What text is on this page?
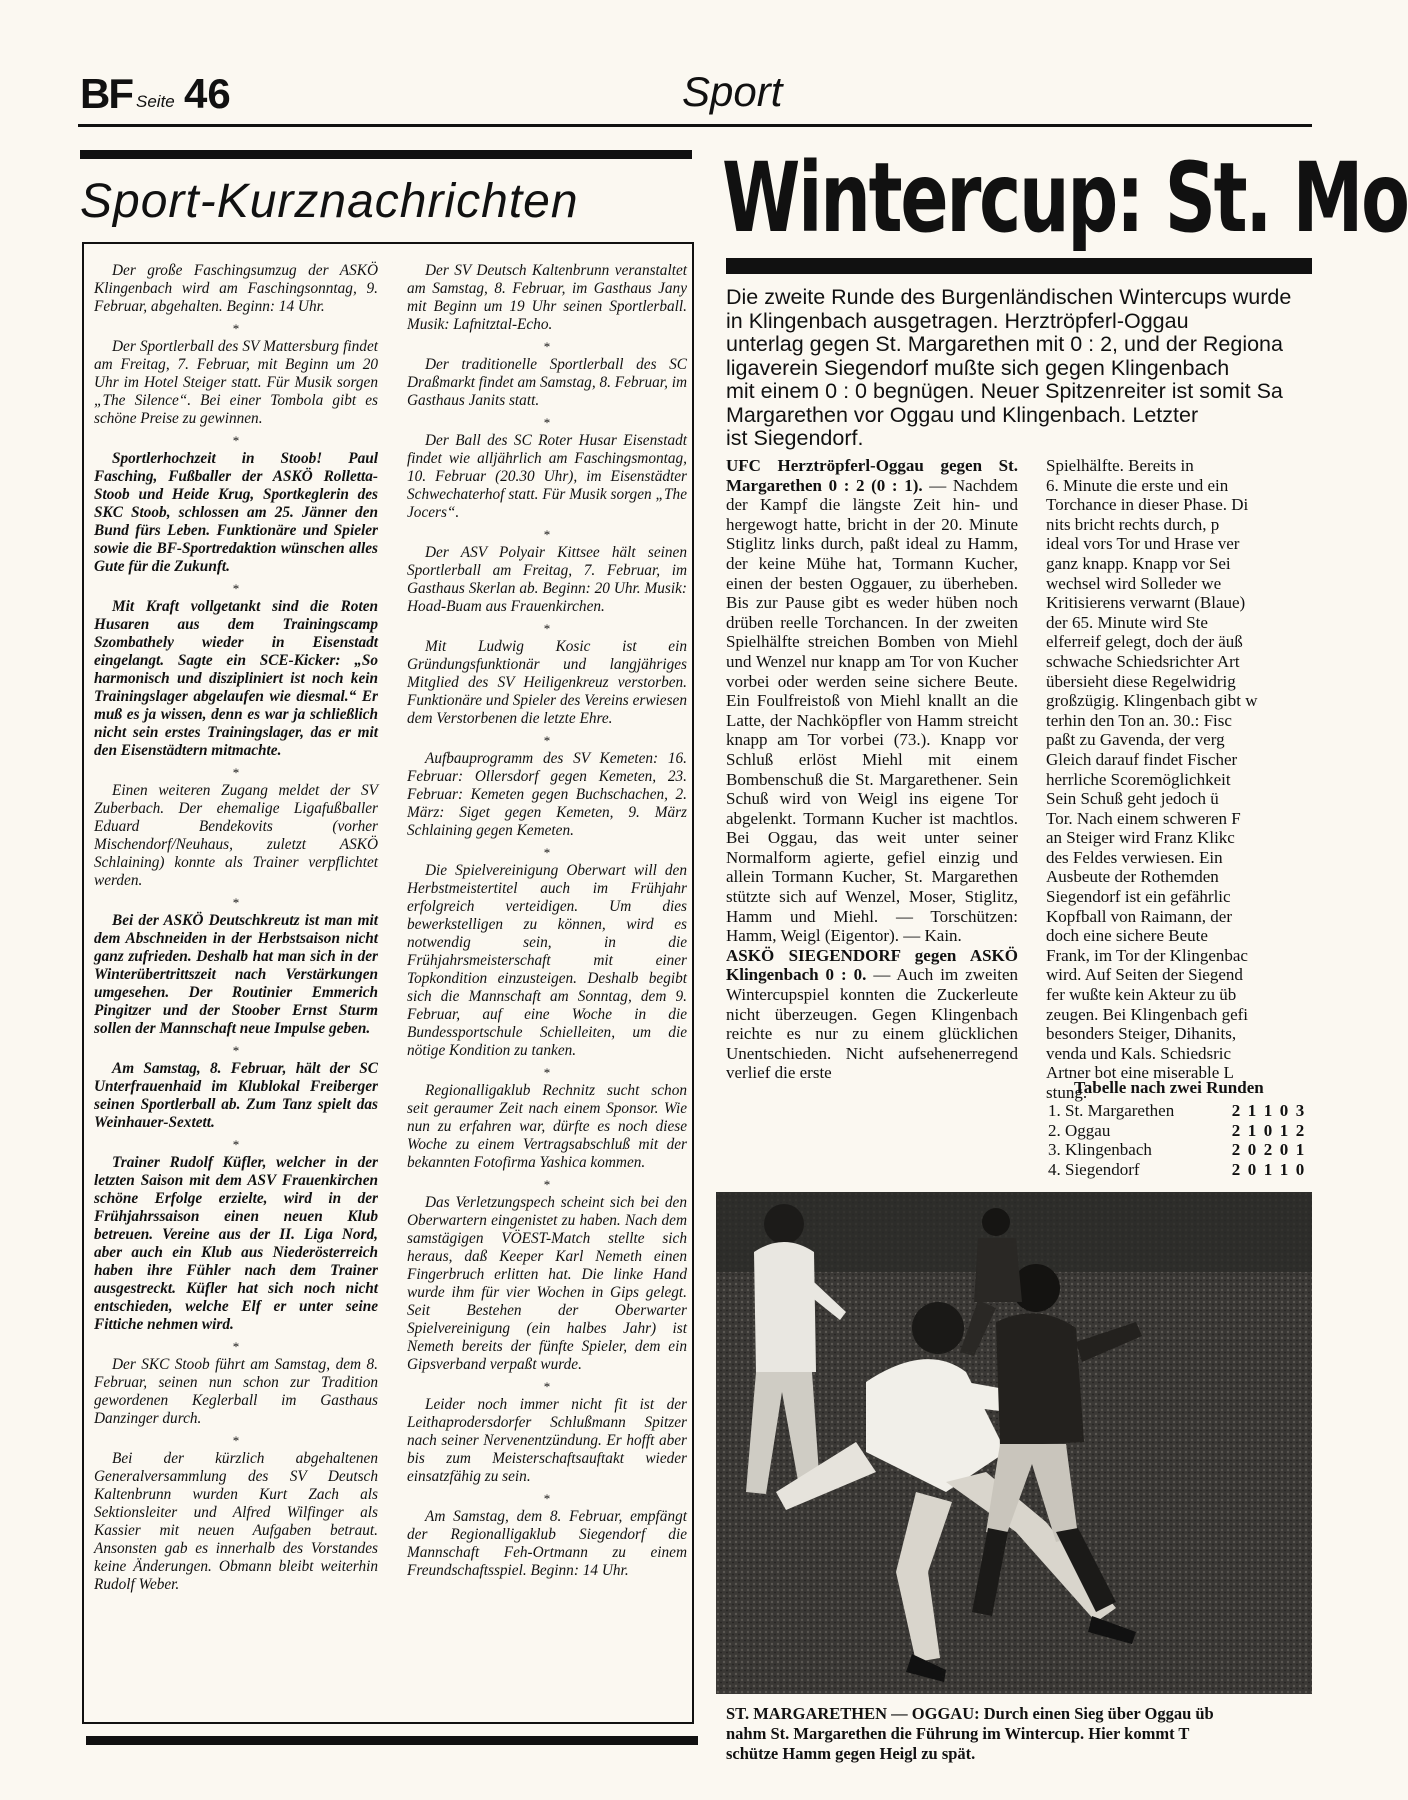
BF Seite 46	Sport
Sport-Kurznachrichten

Der große Faschingsumzug der ASKÖ Klingenbach wird am Faschingsonntag, 9. Februar, abgehalten. Beginn: 14 Uhr.

*

Der Sportlerball des SV Mattersburg findet am Freitag, 7. Februar, mit Beginn um 20 Uhr im Hotel Steiger statt. Für Musik sorgen „The Silence“. Bei einer Tombola gibt es schöne Preise zu gewinnen.

*

Sportlerhochzeit in Stoob! Paul Fasching, Fußballer der ASKÖ Rolletta-Stoob und Heide Krug, Sportkeglerin des SKC Stoob, schlossen am 25. Jänner den Bund fürs Leben. Funktionäre und Spieler sowie die BF-Sportredaktion wünschen alles Gute für die Zukunft.

*

Mit Kraft vollgetankt sind die Roten Husaren aus dem Trainingscamp Szombathely wieder in Eisenstadt eingelangt. Sagte ein SCE-Kicker: „So harmonisch und diszipliniert ist noch kein Trainingslager abgelaufen wie diesmal.“ Er muß es ja wissen, denn es war ja schließlich nicht sein erstes Trainingslager, das er mit den Eisenstädtern mitmachte.

*

Einen weiteren Zugang meldet der SV Zuberbach. Der ehemalige Ligafußballer Eduard Bendekovits (vorher Mischendorf/Neuhaus, zuletzt ASKÖ Schlaining) konnte als Trainer verpflichtet werden.

*

Bei der ASKÖ Deutschkreutz ist man mit dem Abschneiden in der Herbstsaison nicht ganz zufrieden. Deshalb hat man sich in der Winterübertrittszeit nach Verstärkungen umgesehen. Der Routinier Emmerich Pingitzer und der Stoober Ernst Sturm sollen der Mannschaft neue Impulse geben.

*

Am Samstag, 8. Februar, hält der SC Unterfrauenhaid im Klublokal Freiberger seinen Sportlerball ab. Zum Tanz spielt das Weinhauer-Sextett.

*

Trainer Rudolf Küfler, welcher in der letzten Saison mit dem ASV Frauenkirchen schöne Erfolge erzielte, wird in der Frühjahrssaison einen neuen Klub betreuen. Vereine aus der II. Liga Nord, aber auch ein Klub aus Niederösterreich haben ihre Fühler nach dem Trainer ausgestreckt. Küfler hat sich noch nicht entschieden, welche Elf er unter seine Fittiche nehmen wird.

*

Der SKC Stoob führt am Samstag, dem 8. Februar, seinen nun schon zur Tradition gewordenen Keglerball im Gasthaus Danzinger durch.

*

Bei der kürzlich abgehaltenen Generalversammlung des SV Deutsch Kaltenbrunn wurden Kurt Zach als Sektionsleiter und Alfred Wilfinger als Kassier mit neuen Aufgaben betraut. Ansonsten gab es innerhalb des Vorstandes keine Änderungen. Obmann bleibt weiterhin Rudolf Weber.

Der SV Deutsch Kaltenbrunn veranstaltet am Samstag, 8. Februar, im Gasthaus Jany mit Beginn um 19 Uhr seinen Sportlerball. Musik: Lafnitztal-Echo.

*

Der traditionelle Sportlerball des SC Draßmarkt findet am Samstag, 8. Februar, im Gasthaus Janits statt.

*

Der Ball des SC Roter Husar Eisenstadt findet wie alljährlich am Faschingsmontag, 10. Februar (20.30 Uhr), im Eisenstädter Schwechaterhof statt. Für Musik sorgen „The Jocers“.

*

Der ASV Polyair Kittsee hält seinen Sportlerball am Freitag, 7. Februar, im Gasthaus Skerlan ab. Beginn: 20 Uhr. Musik: Hoad-Buam aus Frauenkirchen.

*

Mit Ludwig Kosic ist ein Gründungsfunktionär und langjähriges Mitglied des SV Heiligenkreuz verstorben. Funktionäre und Spieler des Vereins erwiesen dem Verstorbenen die letzte Ehre.

*

Aufbauprogramm des SV Kemeten: 16. Februar: Ollersdorf gegen Kemeten, 23. Februar: Kemeten gegen Buchschachen, 2. März: Siget gegen Kemeten, 9. März Schlaining gegen Kemeten.

*

Die Spielvereinigung Oberwart will den Herbstmeistertitel auch im Frühjahr erfolgreich verteidigen. Um dies bewerkstelligen zu können, wird es notwendig sein, in die Frühjahrsmeisterschaft mit einer Topkondition einzusteigen. Deshalb begibt sich die Mannschaft am Sonntag, dem 9. Februar, auf eine Woche in die Bundessportschule Schielleiten, um die nötige Kondition zu tanken.

*

Regionalligaklub Rechnitz sucht schon seit geraumer Zeit nach einem Sponsor. Wie nun zu erfahren war, dürfte es noch diese Woche zu einem Vertragsabschluß mit der bekannten Fotofirma Yashica kommen.

*

Das Verletzungspech scheint sich bei den Oberwartern eingenistet zu haben. Nach dem samstägigen VÖEST-Match stellte sich heraus, daß Keeper Karl Nemeth einen Fingerbruch erlitten hat. Die linke Hand wurde ihm für vier Wochen in Gips gelegt. Seit Bestehen der Oberwarter Spielvereinigung (ein halbes Jahr) ist Nemeth bereits der fünfte Spieler, dem ein Gipsverband verpaßt wurde.

*

Leider noch immer nicht fit ist der Leithaprodersdorfer Schlußmann Spitzer nach seiner Nervenentzündung. Er hofft aber bis zum Meisterschaftsauftakt wieder einsatzfähig zu sein.

*

Am Samstag, dem 8. Februar, empfängt der Regionalligaklub Siegendorf die Mannschaft Feh-Ortmann zu einem Freundschaftsspiel. Beginn: 14 Uhr.

Wintercup: St. Mo
Die zweite Runde des Burgenländischen Wintercups wurde
in Klingenbach ausgetragen. Herztröpferl-Oggau
unterlag gegen St. Margarethen mit 0 : 2, und der Regiona
ligaverein Siegendorf mußte sich gegen Klingenbach
mit einem 0 : 0 begnügen. Neuer Spitzenreiter ist somit Sa
Margarethen vor Oggau und Klingenbach. Letzter
ist Siegendorf.

UFC Herztröpferl-Oggau gegen St. Margarethen 0 : 2 (0 : 1). — Nachdem der Kampf die längste Zeit hin- und hergewogt hatte, bricht in der 20. Minute Stiglitz links durch, paßt ideal zu Hamm, der keine Mühe hat, Tormann Kucher, einen der besten Oggauer, zu überheben. Bis zur Pause gibt es weder hüben noch drüben reelle Torchancen. In der zweiten Spielhälfte streichen Bomben von Miehl und Wenzel nur knapp am Tor von Kucher vorbei oder werden seine sichere Beute. Ein Foulfreistoß von Miehl knallt an die Latte, der Nachköpfler von Hamm streicht knapp am Tor vorbei (73.). Knapp vor Schluß erlöst Miehl mit einem Bombenschuß die St. Margarethener. Sein Schuß wird von Weigl ins eigene Tor abgelenkt. Tormann Kucher ist machtlos. Bei Oggau, das weit unter seiner Normalform agierte, gefiel einzig und allein Tormann Kucher, St. Margarethen stützte sich auf Wenzel, Moser, Stiglitz, Hamm und Miehl. — Torschützen: Hamm, Weigl (Eigentor). — Kain.

ASKÖ SIEGENDORF gegen ASKÖ Klingenbach 0 : 0. — Auch im zweiten Wintercupspiel konnten die Zuckerleute nicht überzeugen. Gegen Klingenbach reichte es nur zu einem glücklichen Unentschieden. Nicht aufsehenerregend verlief die erste

Spielhälfte. Bereits in
6. Minute die erste und ein
Torchance in dieser Phase. Di
nits bricht rechts durch, p
ideal vors Tor und Hrase ver
ganz knapp. Knapp vor Sei
wechsel wird Solleder we
Kritisierens verwarnt (Blaue)
der 65. Minute wird Ste
elferreif gelegt, doch der äuß
schwache Schiedsrichter Art
übersieht diese Regelwidrig
großzügig. Klingenbach gibt w
terhin den Ton an. 30.: Fisc
paßt zu Gavenda, der verg
Gleich darauf findet Fischer
herrliche Scoremöglichkeit
Sein Schuß geht jedoch ü
Tor. Nach einem schweren F
an Steiger wird Franz Klikc
des Feldes verwiesen. Ein
Ausbeute der Rothemden
Siegendorf ist ein gefährlic
Kopfball von Raimann, der
doch eine sichere Beute
Frank, im Tor der Klingenbac
wird. Auf Seiten der Siegend
fer wußte kein Akteur zu üb
zeugen. Bei Klingenbach gefi
besonders Steiger, Dihanits,
venda und Kals. Schiedsric
Artner bot eine miserable L
stung.
Tabelle nach zwei Runden
1. St. Margarethen	2 1 1 0 3
2. Oggau	2 1 0 1 2
3. Klingenbach	2 0 2 0 1
4. Siegendorf	2 0 1 1 0
ST. MARGARETHEN — OGGAU: Durch einen Sieg über Oggau üb
nahm St. Margarethen die Führung im Wintercup. Hier kommt T
schütze Hamm gegen Heigl zu spät.
